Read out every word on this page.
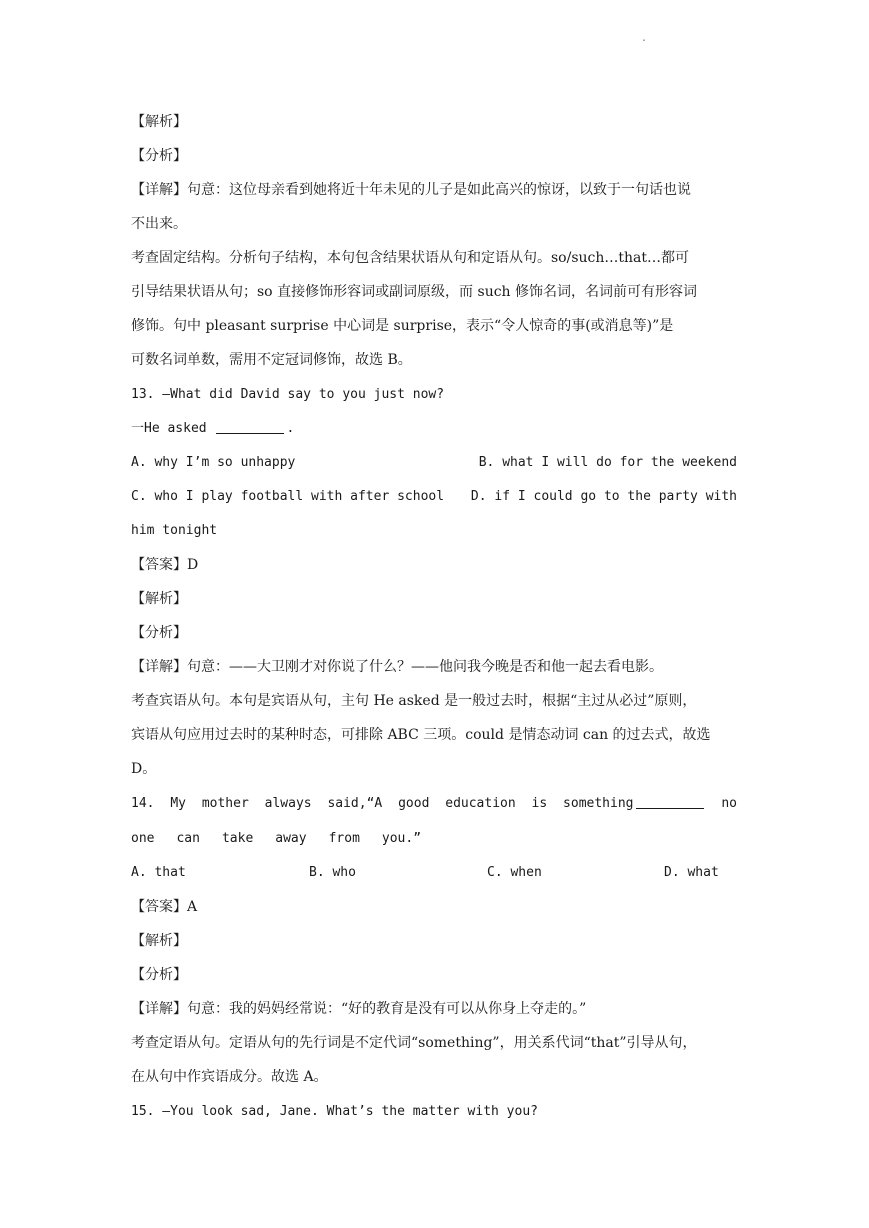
.
【解析】
【分析】
【详解】句意：这位母亲看到她将近十年未见的儿子是如此高兴的惊讶，以致于一句话也说
不出来。
考查固定结构。分析句子结构，本句包含结果状语从句和定语从句。so/such…that…都可
引导结果状语从句；so 直接修饰形容词或副词原级，而 such 修饰名词，名词前可有形容词
修饰。句中 pleasant surprise 中心词是 surprise，表示“令人惊奇的事(或消息等)”是
可数名词单数，需用不定冠词修饰，故选 B。
13. —What did David say to you just now?
一He asked	.
A. why I’m so unhappy	B. what I will do for the weekend
C. who I play football with after school	D. if I could go to the party with
him tonight
【答案】D
【解析】
【分析】
【详解】句意：——大卫刚才对你说了什么？——他问我今晚是否和他一起去看电影。
考查宾语从句。本句是宾语从句，主句 He asked 是一般过去时，根据“主过从必过”原则，
宾语从句应用过去时的某种时态，可排除 ABC 三项。could 是情态动词 can 的过去式，故选
D。
14. My mother always said,“A good education is something	no
one can take away from you.”
A. that	B. who	C. when	D. what
【答案】A
【解析】
【分析】
【详解】句意：我的妈妈经常说：“好的教育是没有可以从你身上夺走的。”
考查定语从句。定语从句的先行词是不定代词“something”，用关系代词“that”引导从句，
在从句中作宾语成分。故选 A。
15. —You look sad, Jane. What’s the matter with you?
